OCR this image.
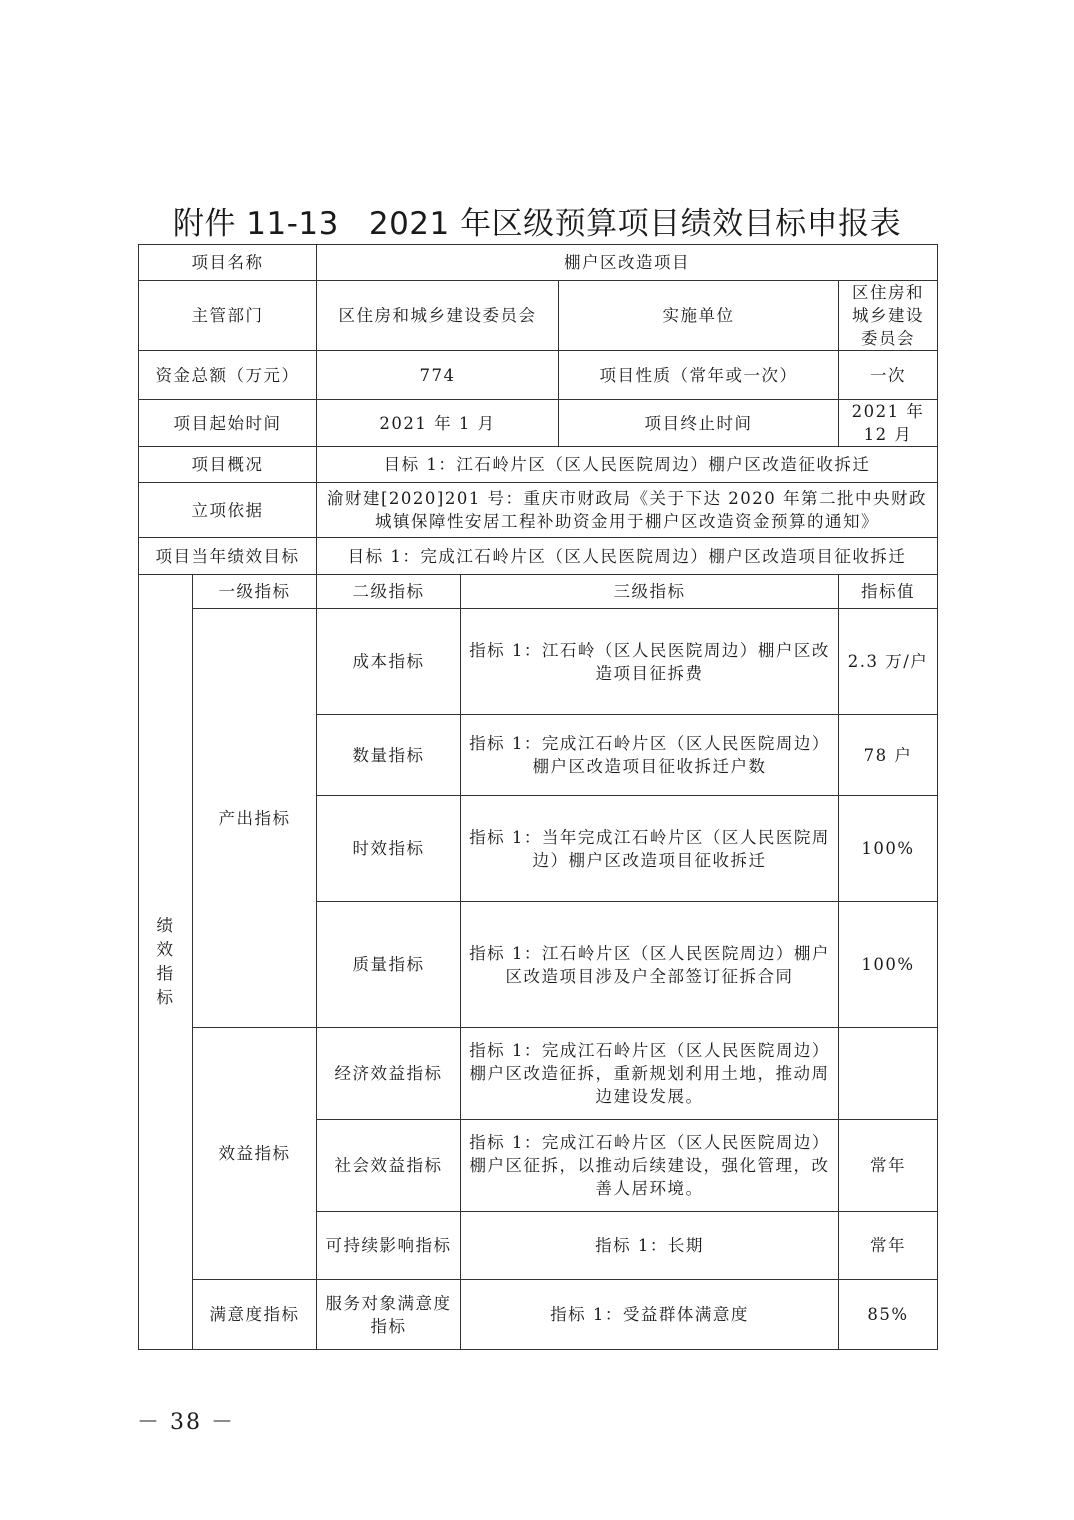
附件 11-13 2021 年区级预算项目绩效目标申报表
项目名称		棚户区改造项目			
主管部门		区住房和城乡建设委员会		实施单位	区住房和城乡建设委员会
资金总额（万元）		774		项目性质（常年或一次）	一次
项目起始时间		2021 年 1 月		项目终止时间	2021 年 12 月
项目概况		目标 1：江石岭片区（区人民医院周边）棚户区改造征收拆迁			
立项依据		渝财建[2020]201 号：重庆市财政局《关于下达 2020 年第二批中央财政城镇保障性安居工程补助资金用于棚户区改造资金预算的通知》			
项目当年绩效目标		目标 1：完成江石岭片区（区人民医院周边）棚户区改造项目征收拆迁			
绩效指标	一级指标	二级指标	三级指标		指标值
	产出指标	成本指标	指标 1：江石岭（区人民医院周边）棚户区改造项目征拆费		2.3 万/户
		数量指标	指标 1：完成江石岭片区（区人民医院周边）棚户区改造项目征收拆迁户数		78 户
		时效指标	指标 1：当年完成江石岭片区（区人民医院周边）棚户区改造项目征收拆迁		100%
		质量指标	指标 1：江石岭片区（区人民医院周边）棚户区改造项目涉及户全部签订征拆合同		100%
	效益指标	经济效益指标	指标 1：完成江石岭片区（区人民医院周边）棚户区改造征拆，重新规划利用土地，推动周边建设发展。		
		社会效益指标	指标 1：完成江石岭片区（区人民医院周边）棚户区征拆，以推动后续建设，强化管理，改善人居环境。		常年
		可持续影响指标	指标 1：长期		常年
	满意度指标	服务对象满意度指标	指标 1：受益群体满意度		85%
－ 38 －
